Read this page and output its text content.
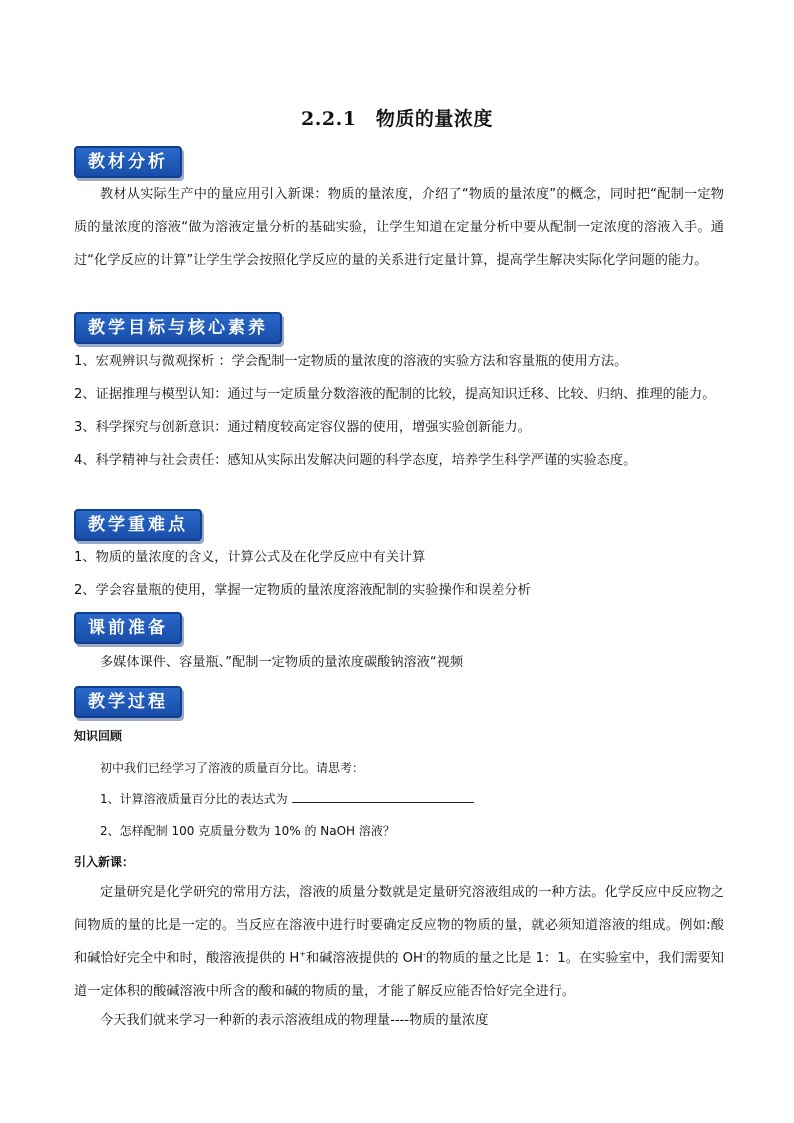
2.2.1　物质的量浓度
教材分析
教材从实际生产中的量应用引入新课：物质的量浓度，介绍了“物质的量浓度”的概念，同时把“配制一定物质的量浓度的溶液“做为溶液定量分析的基础实验，让学生知道在定量分析中要从配制一定浓度的溶液入手。通过“化学反应的计算”让学生学会按照化学反应的量的关系进行定量计算，提高学生解决实际化学问题的能力。
教学目标与核心素养
1、宏观辨识与微观探析 ：学会配制一定物质的量浓度的溶液的实验方法和容量瓶的使用方法。
2、证据推理与模型认知：通过与一定质量分数溶液的配制的比较，提高知识迁移、比较、归纳、推理的能力。
3、科学探究与创新意识：通过精度较高定容仪器的使用，增强实验创新能力。
4、科学精神与社会责任：感知从实际出发解决问题的科学态度，培养学生科学严谨的实验态度。
教学重难点
1、物质的量浓度的含义，计算公式及在化学反应中有关计算
2、学会容量瓶的使用，掌握一定物质的量浓度溶液配制的实验操作和误差分析
课前准备
多媒体课件、容量瓶、”配制一定物质的量浓度碳酸钠溶液“视频
教学过程
知识回顾
初中我们已经学习了溶液的质量百分比。请思考：
1、计算溶液质量百分比的表达式为
2、怎样配制 100 克质量分数为 10% 的 NaOH 溶液？
引入新课：
定量研究是化学研究的常用方法，溶液的质量分数就是定量研究溶液组成的一种方法。化学反应中反应物之间物质的量的比是一定的。当反应在溶液中进行时要确定反应物的物质的量，就必须知道溶液的组成。例如:酸和碱恰好完全中和时，酸溶液提供的 H+和碱溶液提供的 OH-的物质的量之比是 1：1。在实验室中，我们需要知道一定体积的酸碱溶液中所含的酸和碱的物质的量，才能了解反应能否恰好完全进行。
今天我们就来学习一种新的表示溶液组成的物理量----物质的量浓度
